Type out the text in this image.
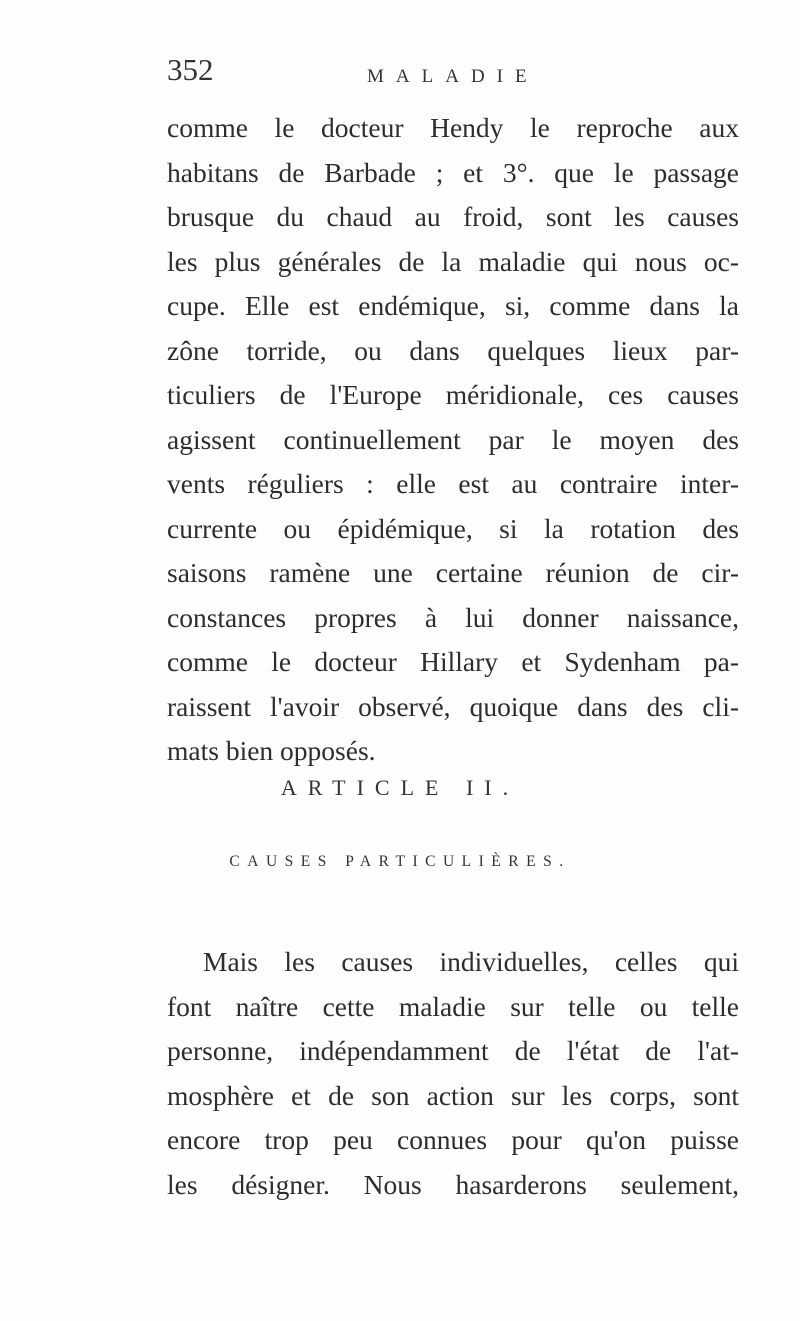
352	MALADIE
comme le docteur Hendy le reproche aux
habitans de Barbade ; et 3°. que le passage
brusque du chaud au froid, sont les causes
les plus générales de la maladie qui nous oc-
cupe. Elle est endémique, si, comme dans la
zône torride, ou dans quelques lieux par-
ticuliers de l'Europe méridionale, ces causes
agissent continuellement par le moyen des
vents réguliers : elle est au contraire inter-
currente ou épidémique, si la rotation des
saisons ramène une certaine réunion de cir-
constances propres à lui donner naissance,
comme le docteur Hillary et Sydenham pa-
raissent l'avoir observé, quoique dans des cli-
mats bien opposés.
ARTICLE II.
CAUSES PARTICULIÈRES.
Mais les causes individuelles, celles qui
font naître cette maladie sur telle ou telle
personne, indépendamment de l'état de l'at-
mosphère et de son action sur les corps, sont
encore trop peu connues pour qu'on puisse
les désigner. Nous hasarderons seulement,
